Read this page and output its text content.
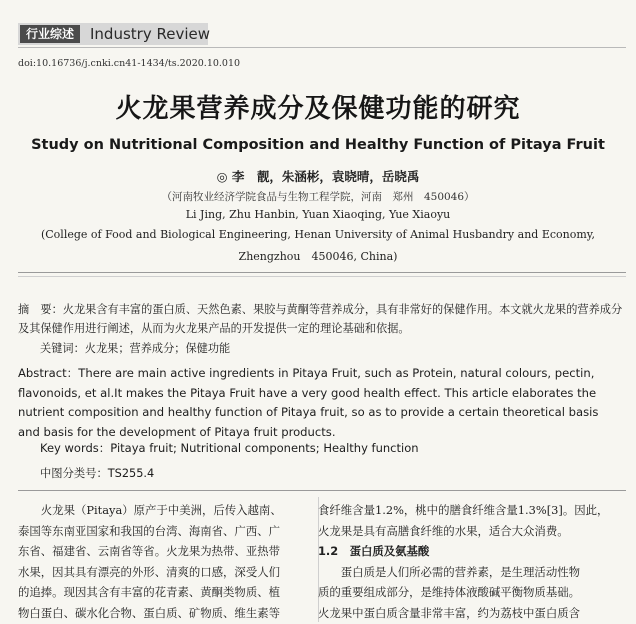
行业综述	Industry Review
doi:10.16736/j.cnki.cn41-1434/ts.2020.10.010
火龙果营养成分及保健功能的研究
Study on Nutritional Composition and Healthy Function of Pitaya Fruit
◎ 李　靓，朱涵彬，袁晓晴，岳晓禹
（河南牧业经济学院食品与生物工程学院，河南　郑州　450046）
Li Jing, Zhu Hanbin, Yuan Xiaoqing, Yue Xiaoyu
(College of Food and Biological Engineering, Henan University of Animal Husbandry and Economy,
Zhengzhou　450046, China)
摘　要：火龙果含有丰富的蛋白质、天然色素、果胶与黄酮等营养成分，具有非常好的保健作用。本文就火龙果的营养成分及其保健作用进行阐述，从而为火龙果产品的开发提供一定的理论基础和依据。
关键词：火龙果；营养成分；保健功能
Abstract：There are main active ingredients in Pitaya Fruit, such as Protein, natural colours, pectin, flavonoids, et al.It makes the Pitaya Fruit have a very good health effect. This article elaborates the nutrient composition and healthy function of Pitaya fruit, so as to provide a certain theoretical basis and basis for the development of Pitaya fruit products.
Key words：Pitaya fruit; Nutritional components; Healthy function
中图分类号：TS255.4
　　火龙果（Pitaya）原产于中美洲，后传入越南、
泰国等东南亚国家和我国的台湾、海南省、广西、广
东省、福建省、云南省等省。火龙果为热带、亚热带
水果，因其具有漂亮的外形、清爽的口感，深受人们
的追捧。现因其含有丰富的花青素、黄酮类物质、植
物白蛋白、碳水化合物、蛋白质、矿物质、维生素等
食纤维含量1.2%，桃中的膳食纤维含量1.3%[3]。因此，
火龙果是具有高膳食纤维的水果，适合大众消费。
1.2　蛋白质及氨基酸
　　蛋白质是人们所必需的营养素，是生理活动性物
质的重要组成部分，是维持体液酸碱平衡物质基础。
火龙果中蛋白质含量非常丰富，约为荔枝中蛋白质含
